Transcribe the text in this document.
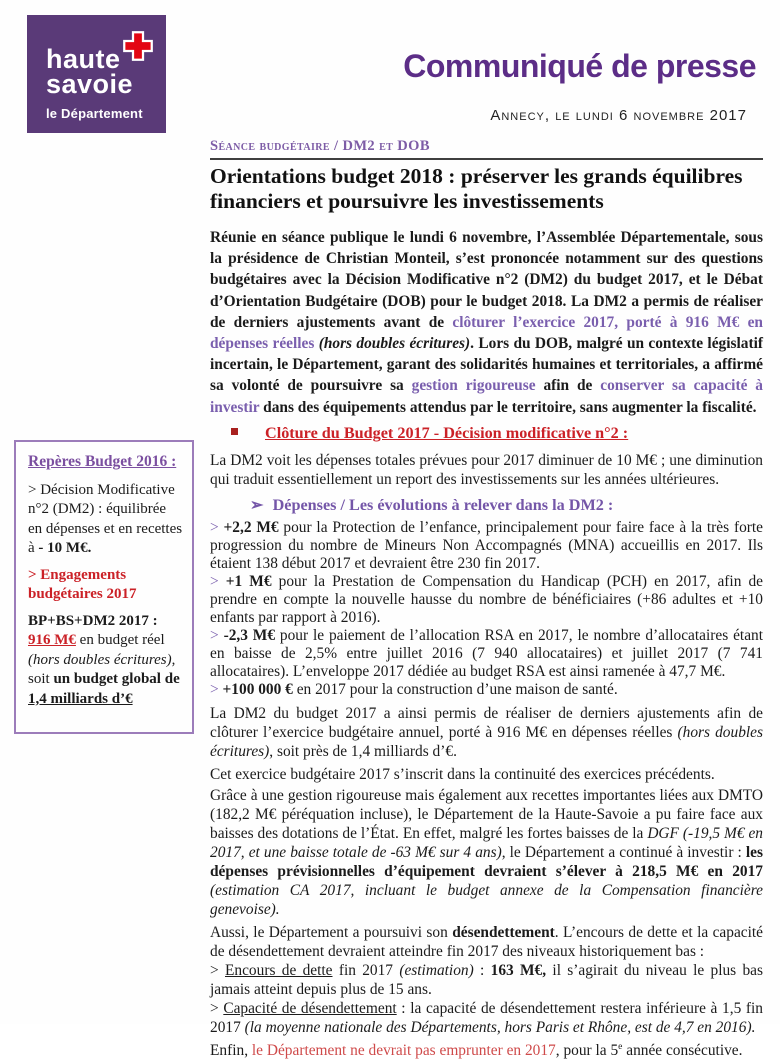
haute
savoie
le Département
Communiqué de presse
Annecy, le lundi 6 novembre 2017
Repères Budget 2016 :

> Décision Modificative n°2 (DM2) : équilibrée en dépenses et en recettes à - 10 M€.

> Engagements budgétaires 2017

BP+BS+DM2 2017 : 916 M€ en budget réel (hors doubles écritures), soit un budget global de 1,4 milliards d’€

Séance budgétaire / DM2 et DOB
Orientations budget 2018 : préserver les grands équilibres financiers et poursuivre les investissements

Réunie en séance publique le lundi 6 novembre, l’Assemblée Départementale, sous la présidence de Christian Monteil, s’est prononcée notamment sur des questions budgétaires avec la Décision Modificative n°2 (DM2) du budget 2017, et le Débat d’Orientation Budgétaire (DOB) pour le budget 2018. La DM2 a permis de réaliser de derniers ajustements avant de clôturer l’exercice 2017, porté à 916 M€ en dépenses réelles (hors doubles écritures). Lors du DOB, malgré un contexte législatif incertain, le Département, garant des solidarités humaines et territoriales, a affirmé sa volonté de poursuivre sa gestion rigoureuse afin de conserver sa capacité à investir dans des équipements attendus par le territoire, sans augmenter la fiscalité.

Clôture du Budget 2017 - Décision modificative n°2 :

La DM2 voit les dépenses totales prévues pour 2017 diminuer de 10 M€ ; une diminution qui traduit essentiellement un report des investissements sur les années ultérieures.

➢ Dépenses / Les évolutions à relever dans la DM2 :

> +2,2 M€ pour la Protection de l’enfance, principalement pour faire face à la très forte progression du nombre de Mineurs Non Accompagnés (MNA) accueillis en 2017. Ils étaient 138 début 2017 et devraient être 230 fin 2017.

> +1 M€ pour la Prestation de Compensation du Handicap (PCH) en 2017, afin de prendre en compte la nouvelle hausse du nombre de bénéficiaires (+86 adultes et +10 enfants par rapport à 2016).

> -2,3 M€ pour le paiement de l’allocation RSA en 2017, le nombre d’allocataires étant en baisse de 2,5% entre juillet 2016 (7 940 allocataires) et juillet 2017 (7 741 allocataires). L’enveloppe 2017 dédiée au budget RSA est ainsi ramenée à 47,7 M€.

> +100 000 € en 2017 pour la construction d’une maison de santé.

La DM2 du budget 2017 a ainsi permis de réaliser de derniers ajustements afin de clôturer l’exercice budgétaire annuel, porté à 916 M€ en dépenses réelles (hors doubles écritures), soit près de 1,4 milliards d’€.

Cet exercice budgétaire 2017 s’inscrit dans la continuité des exercices précédents.

Grâce à une gestion rigoureuse mais également aux recettes importantes liées aux DMTO (182,2 M€ péréquation incluse), le Département de la Haute-Savoie a pu faire face aux baisses des dotations de l’État. En effet, malgré les fortes baisses de la DGF (-19,5 M€ en 2017, et une baisse totale de -63 M€ sur 4 ans), le Département a continué à investir : les dépenses prévisionnelles d’équipement devraient s’élever à 218,5 M€ en 2017 (estimation CA 2017, incluant le budget annexe de la Compensation financière genevoise).

Aussi, le Département a poursuivi son désendettement. L’encours de dette et la capacité de désendettement devraient atteindre fin 2017 des niveaux historiquement bas :

> Encours de dette fin 2017 (estimation) : 163 M€, il s’agirait du niveau le plus bas jamais atteint depuis plus de 15 ans.

> Capacité de désendettement : la capacité de désendettement restera inférieure à 1,5 fin 2017 (la moyenne nationale des Départements, hors Paris et Rhône, est de 4,7 en 2016).

Enfin, le Département ne devrait pas emprunter en 2017, pour la 5e année consécutive.
